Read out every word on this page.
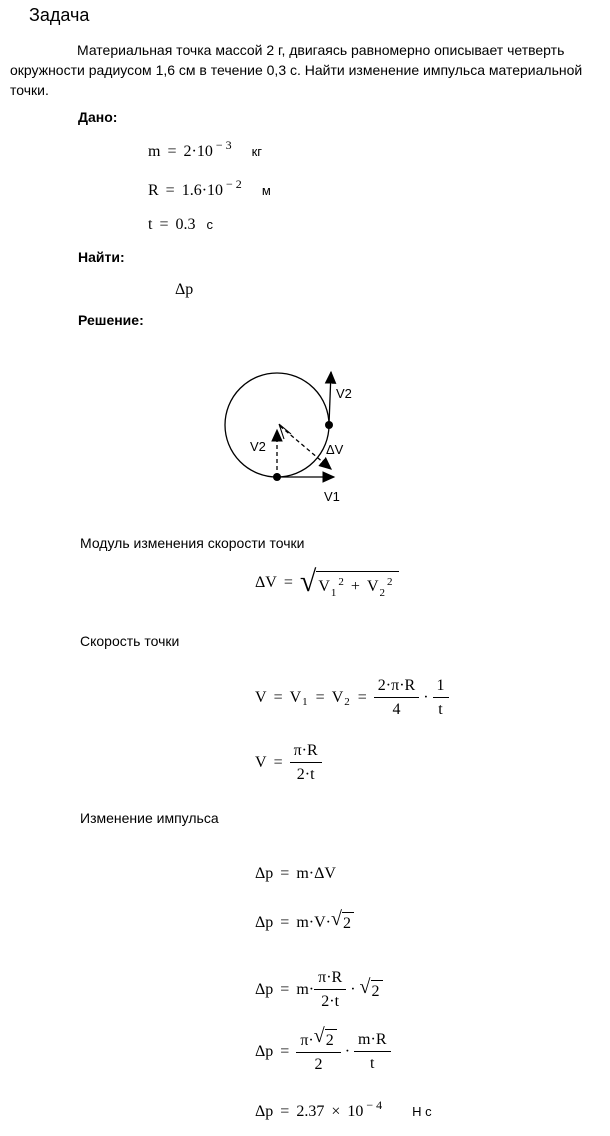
Задача
Материальная точка массой 2 г, двигаясь равномерно описывает четверть
окружности радиусом 1,6 см в течение 0,3 с. Найти изменение импульса материальной
точки.
Дано:
m = 2·10 − 3 кг
R = 1.6·10 − 2 м
t = 0.3 с
Найти:
Δp
Решение:
V2
V2	ΔV
V1
Модуль изменения скорости точки
ΔV = √ $V_1^2 + V_2^2$
Скорость точки
V = V 1 = V $2 = \frac{2\cdot\pi\cdot R}{4} \cdot \frac{1}{t}$
$V = \frac{\pi\cdot R}{2\cdot t}$
Изменение импульса
Δp = m·ΔV
Δp = m·V· √ 2
$\Delta p = m\cdot \frac{\pi\cdot R}{2\cdot t}$ · √ 2
$\Delta p = \frac{\pi\cdot √ 2}{2} \cdot \frac{m\cdot R}{t}$
Δp = 2.37 × 10 − 4 Н с
